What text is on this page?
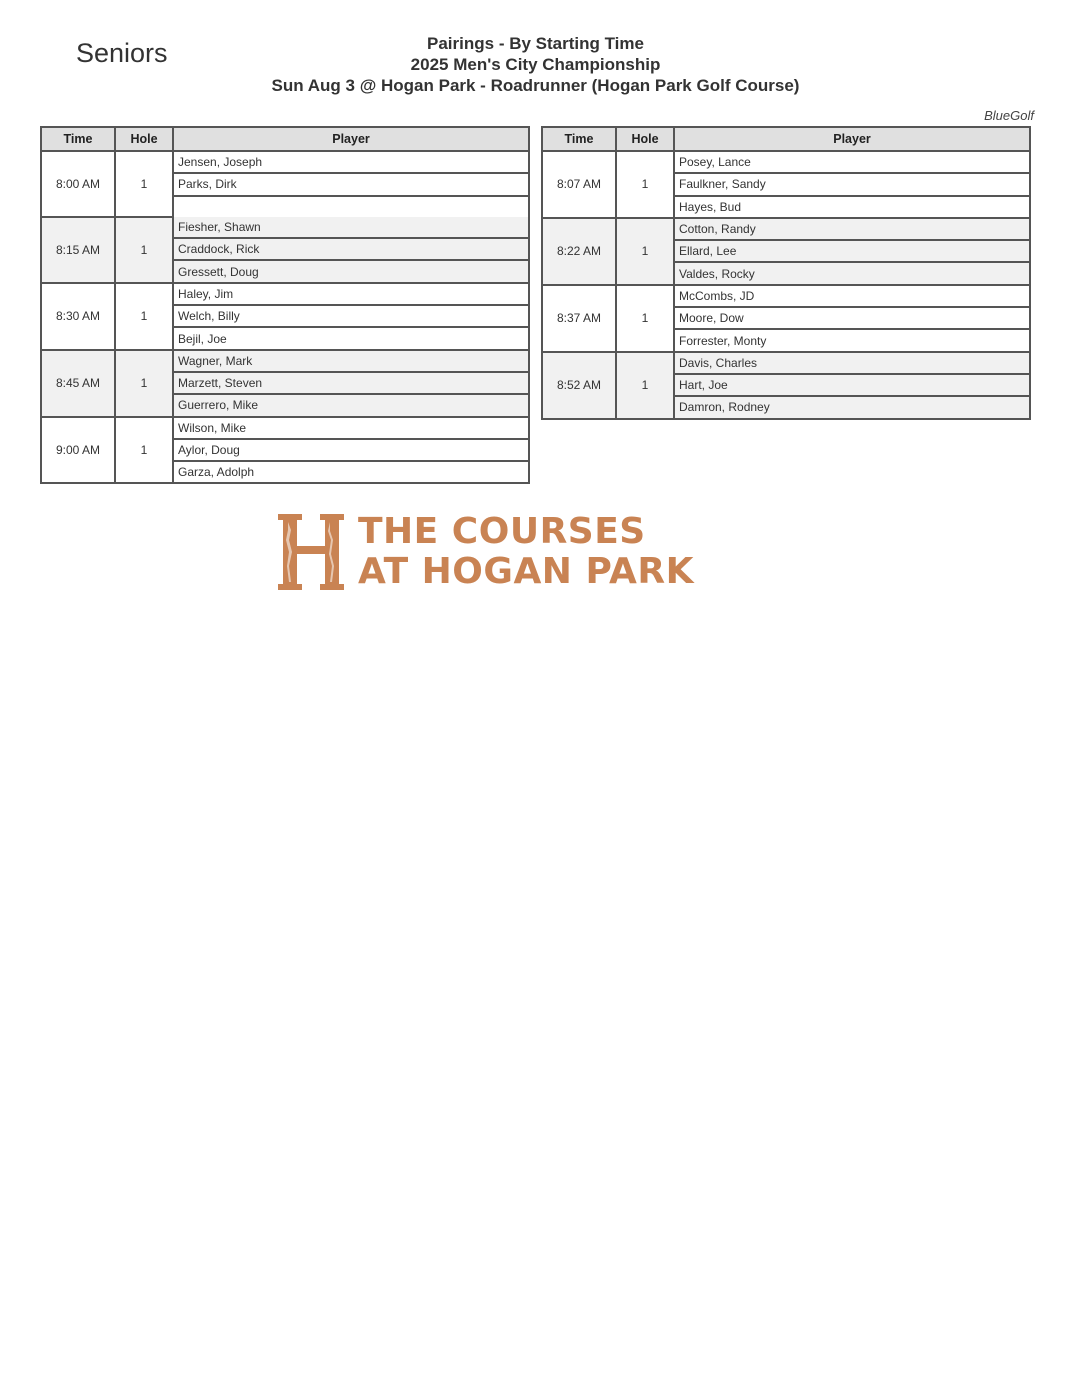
Seniors	Pairings - By Starting Time
2025 Men's City Championship
Sun Aug 3 @ Hogan Park - Roadrunner (Hogan Park Golf Course)
BlueGolf
Time	Hole	Player
8:00 AM	1	Jensen, Joseph
		Parks, Dirk

8:15 AM	1	Fiesher, Shawn
		Craddock, Rick
		Gressett, Doug
8:30 AM	1	Haley, Jim
		Welch, Billy
		Bejil, Joe
8:45 AM	1	Wagner, Mark
		Marzett, Steven
		Guerrero, Mike
9:00 AM	1	Wilson, Mike
		Aylor, Doug
		Garza, Adolph
Time	Hole	Player
8:07 AM	1	Posey, Lance
		Faulkner, Sandy
		Hayes, Bud
8:22 AM	1	Cotton, Randy
		Ellard, Lee
		Valdes, Rocky
8:37 AM	1	McCombs, JD
		Moore, Dow
		Forrester, Monty
8:52 AM	1	Davis, Charles
		Hart, Joe
		Damron, Rodney
THE COURSES
AT HOGAN PARK
